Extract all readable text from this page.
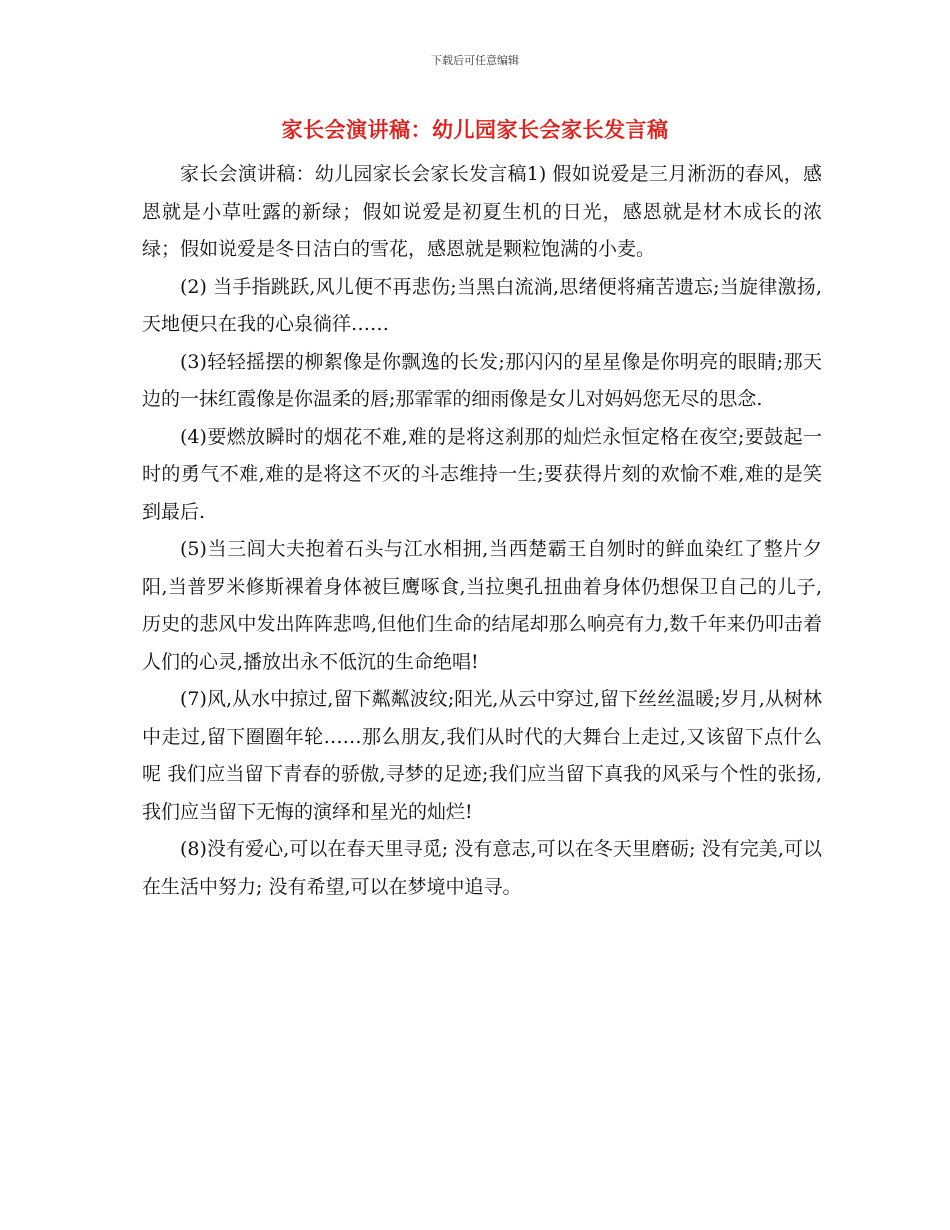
下载后可任意编辑
家长会演讲稿：幼儿园家长会家长发言稿

家长会演讲稿：幼儿园家长会家长发言稿1) 假如说爱是三月淅沥的春风，感恩就是小草吐露的新绿；假如说爱是初夏生机的日光，感恩就是材木成长的浓绿；假如说爱是冬日洁白的雪花，感恩就是颗粒饱满的小麦。

(2) 当手指跳跃,风儿便不再悲伤;当黑白流淌,思绪便将痛苦遗忘;当旋律激扬,天地便只在我的心泉徜徉……

(3)轻轻摇摆的柳絮像是你飘逸的长发;那闪闪的星星像是你明亮的眼睛;那天边的一抹红霞像是你温柔的唇;那霏霏的细雨像是女儿对妈妈您无尽的思念.

(4)要燃放瞬时的烟花不难,难的是将这刹那的灿烂永恒定格在夜空;要鼓起一时的勇气不难,难的是将这不灭的斗志维持一生;要获得片刻的欢愉不难,难的是笑到最后.

(5)当三闾大夫抱着石头与江水相拥,当西楚霸王自刎时的鲜血染红了整片夕阳,当普罗米修斯裸着身体被巨鹰啄食,当拉奥孔扭曲着身体仍想保卫自己的儿子,历史的悲风中发出阵阵悲鸣,但他们生命的结尾却那么响亮有力,数千年来仍叩击着人们的心灵,播放出永不低沉的生命绝唱!

(7)风,从水中掠过,留下粼粼波纹;阳光,从云中穿过,留下丝丝温暖;岁月,从树林中走过,留下圈圈年轮……那么朋友,我们从时代的大舞台上走过,又该留下点什么呢 我们应当留下青春的骄傲,寻梦的足迹;我们应当留下真我的风采与个性的张扬,我们应当留下无悔的演绎和星光的灿烂!

(8)没有爱心,可以在春天里寻觅; 没有意志,可以在冬天里磨砺; 没有完美,可以在生活中努力; 没有希望,可以在梦境中追寻。
